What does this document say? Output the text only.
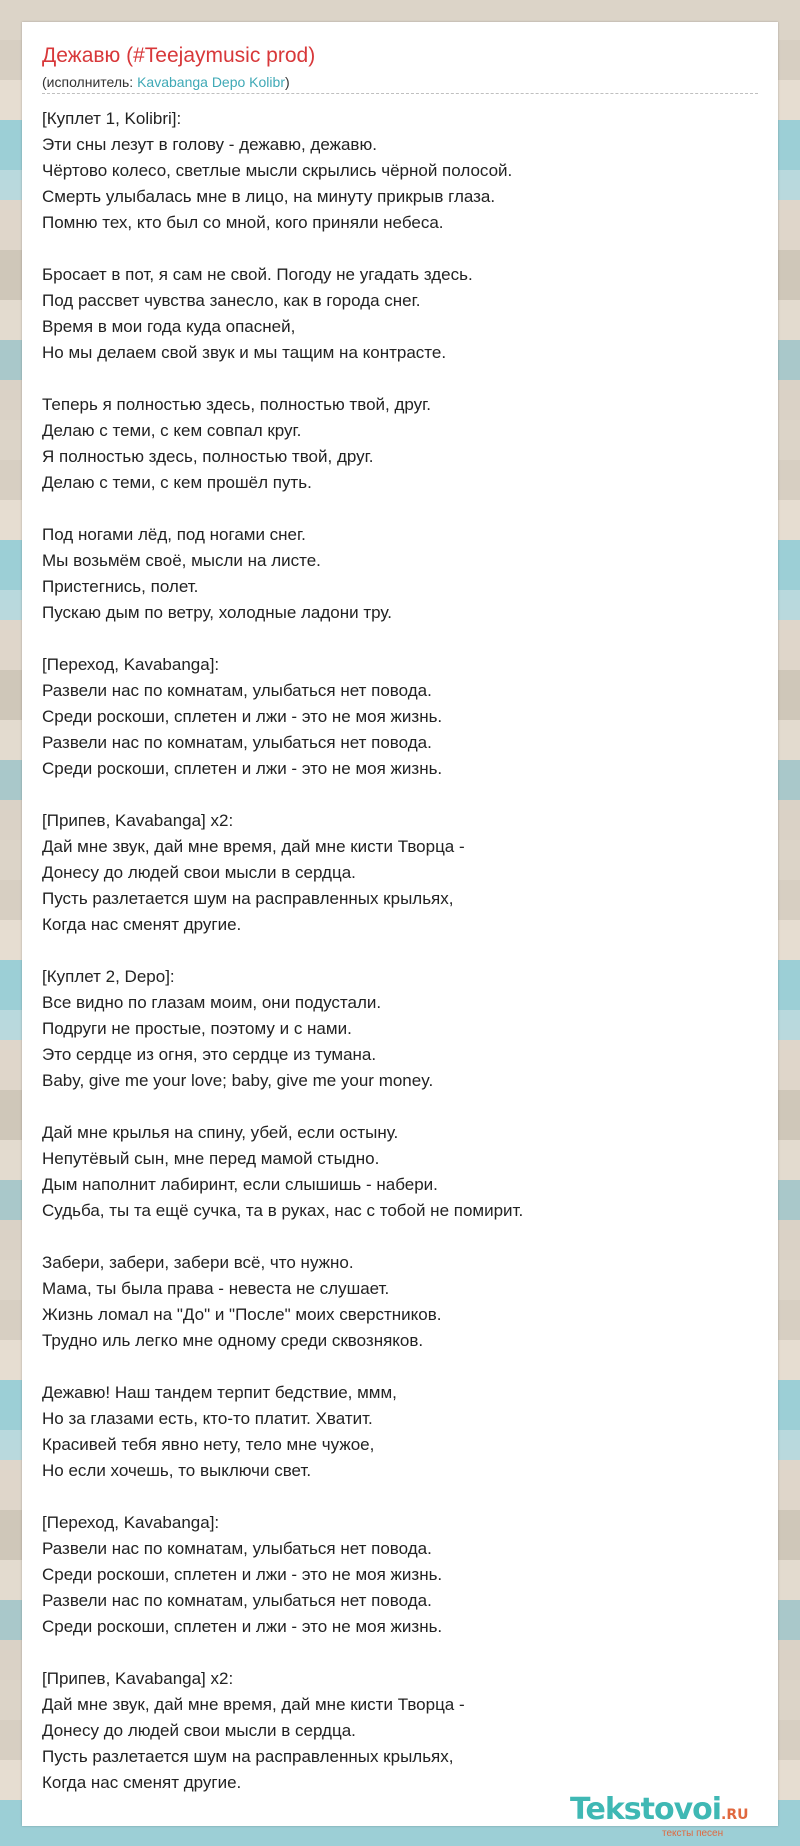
Дежавю (#Teejaymusic prod)
(исполнитель: Kavabanga Depo Kolibr)
[Куплет 1, Kolibri]:
Эти сны лезут в голову - дежавю, дежавю.
Чёртово колесо, светлые мысли скрылись чёрной полосой.
Смерть улыбалась мне в лицо, на минуту прикрыв глаза.
Помню тех, кто был со мной, кого приняли небеса.
Бросает в пот, я сам не свой. Погоду не угадать здесь.
Под рассвет чувства занесло, как в города снег.
Время в мои года куда опасней,
Но мы делаем свой звук и мы тащим на контрасте.
Теперь я полностью здесь, полностью твой, друг.
Делаю с теми, с кем совпал круг.
Я полностью здесь, полностью твой, друг.
Делаю с теми, с кем прошёл путь.
Под ногами лёд, под ногами снег.
Мы возьмём своё, мысли на листе.
Пристегнись, полет.
Пускаю дым по ветру, холодные ладони тру.
[Переход, Kavabanga]:
Развели нас по комнатам, улыбаться нет повода.
Среди роскоши, сплетен и лжи - это не моя жизнь.
Развели нас по комнатам, улыбаться нет повода.
Среди роскоши, сплетен и лжи - это не моя жизнь.
[Припев, Kavabanga] x2:
Дай мне звук, дай мне время, дай мне кисти Творца -
Донесу до людей свои мысли в сердца.
Пусть разлетается шум на расправленных крыльях,
Когда нас сменят другие.
[Куплет 2, Depo]:
Все видно по глазам моим, они подустали.
Подруги не простые, поэтому и с нами.
Это сердце из огня, это сердце из тумана.
Baby, give me your love; baby, give me your money.
Дай мне крылья на спину, убей, если остыну.
Непутёвый сын, мне перед мамой стыдно.
Дым наполнит лабиринт, если слышишь - набери.
Судьба, ты та ещё сучка, та в руках, нас с тобой не помирит.
Забери, забери, забери всё, что нужно.
Мама, ты была права - невеста не слушает.
Жизнь ломал на "До" и "После" моих сверстников.
Трудно иль легко мне одному среди сквозняков.
Дежавю! Наш тандем терпит бедствие, ммм,
Но за глазами есть, кто-то платит. Хватит.
Красивей тебя явно нету, тело мне чужое,
Но если хочешь, то выключи свет.
[Переход, Kavabanga]:
Развели нас по комнатам, улыбаться нет повода.
Среди роскоши, сплетен и лжи - это не моя жизнь.
Развели нас по комнатам, улыбаться нет повода.
Среди роскоши, сплетен и лжи - это не моя жизнь.
[Припев, Kavabanga] x2:
Дай мне звук, дай мне время, дай мне кисти Творца -
Донесу до людей свои мысли в сердца.
Пусть разлетается шум на расправленных крыльях,
Когда нас сменят другие.
Tekstovoi.RU
тексты песен
